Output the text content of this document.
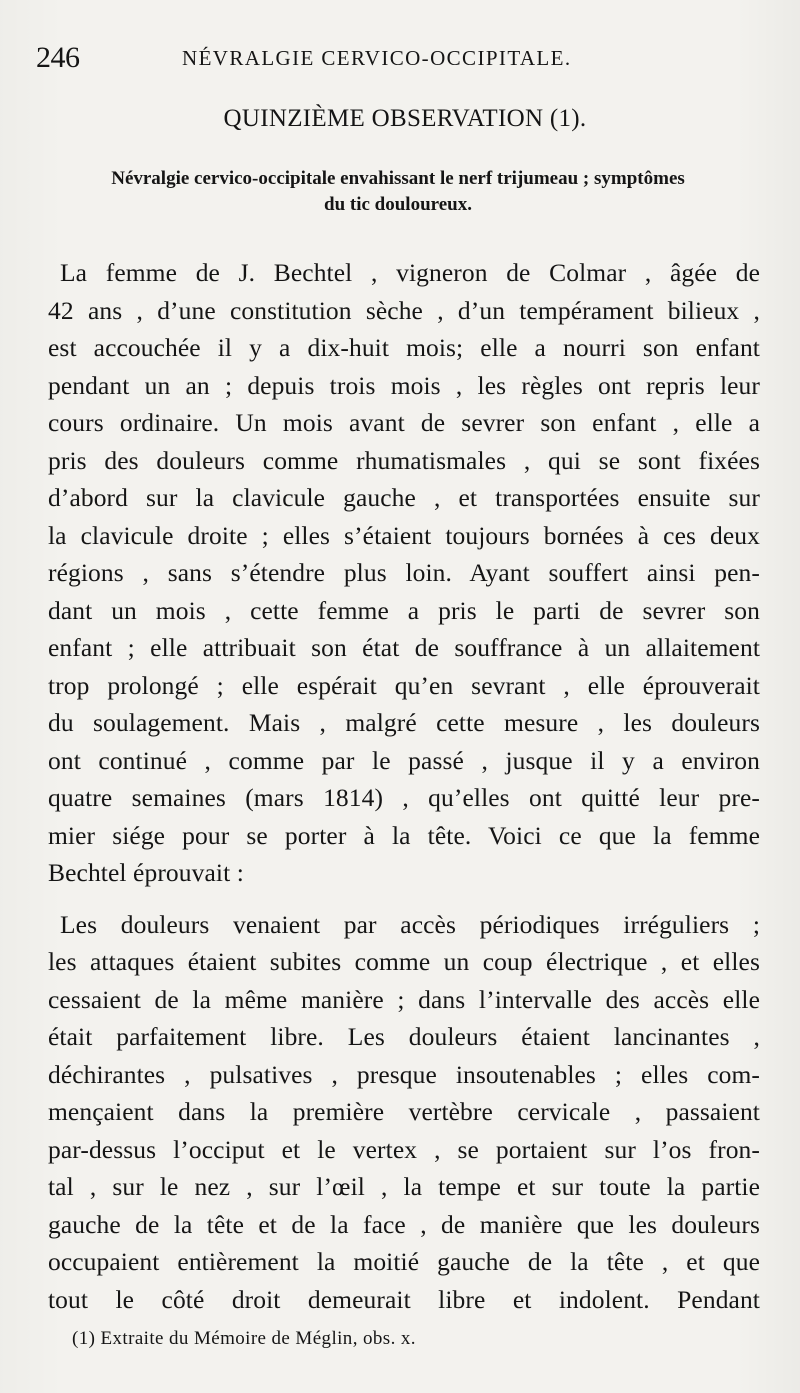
246	NÉVRALGIE CERVICO-OCCIPITALE.
QUINZIÈME OBSERVATION (1).
Névralgie cervico-occipitale envahissant le nerf trijumeau ; symptômes
du tic douloureux.
La femme de J. Bechtel , vigneron de Colmar , âgée de
42 ans , d’une constitution sèche , d’un tempérament bilieux ,
est accouchée il y a dix-huit mois; elle a nourri son enfant
pendant un an ; depuis trois mois , les règles ont repris leur
cours ordinaire. Un mois avant de sevrer son enfant , elle a
pris des douleurs comme rhumatismales , qui se sont fixées
d’abord sur la clavicule gauche , et transportées ensuite sur
la clavicule droite ; elles s’étaient toujours bornées à ces deux
régions , sans s’étendre plus loin. Ayant souffert ainsi pen-
dant un mois , cette femme a pris le parti de sevrer son
enfant ; elle attribuait son état de souffrance à un allaitement
trop prolongé ; elle espérait qu’en sevrant , elle éprouverait
du soulagement. Mais , malgré cette mesure , les douleurs
ont continué , comme par le passé , jusque il y a environ
quatre semaines (mars 1814) , qu’elles ont quitté leur pre-
mier siége pour se porter à la tête. Voici ce que la femme
Bechtel éprouvait :
Les douleurs venaient par accès périodiques irréguliers ;
les attaques étaient subites comme un coup électrique , et elles
cessaient de la même manière ; dans l’intervalle des accès elle
était parfaitement libre. Les douleurs étaient lancinantes ,
déchirantes , pulsatives , presque insoutenables ; elles com-
mençaient dans la première vertèbre cervicale , passaient
par-dessus l’occiput et le vertex , se portaient sur l’os fron-
tal , sur le nez , sur l’œil , la tempe et sur toute la partie
gauche de la tête et de la face , de manière que les douleurs
occupaient entièrement la moitié gauche de la tête , et que
tout le côté droit demeurait libre et indolent. Pendant
(1) Extraite du Mémoire de Méglin, obs. x.
